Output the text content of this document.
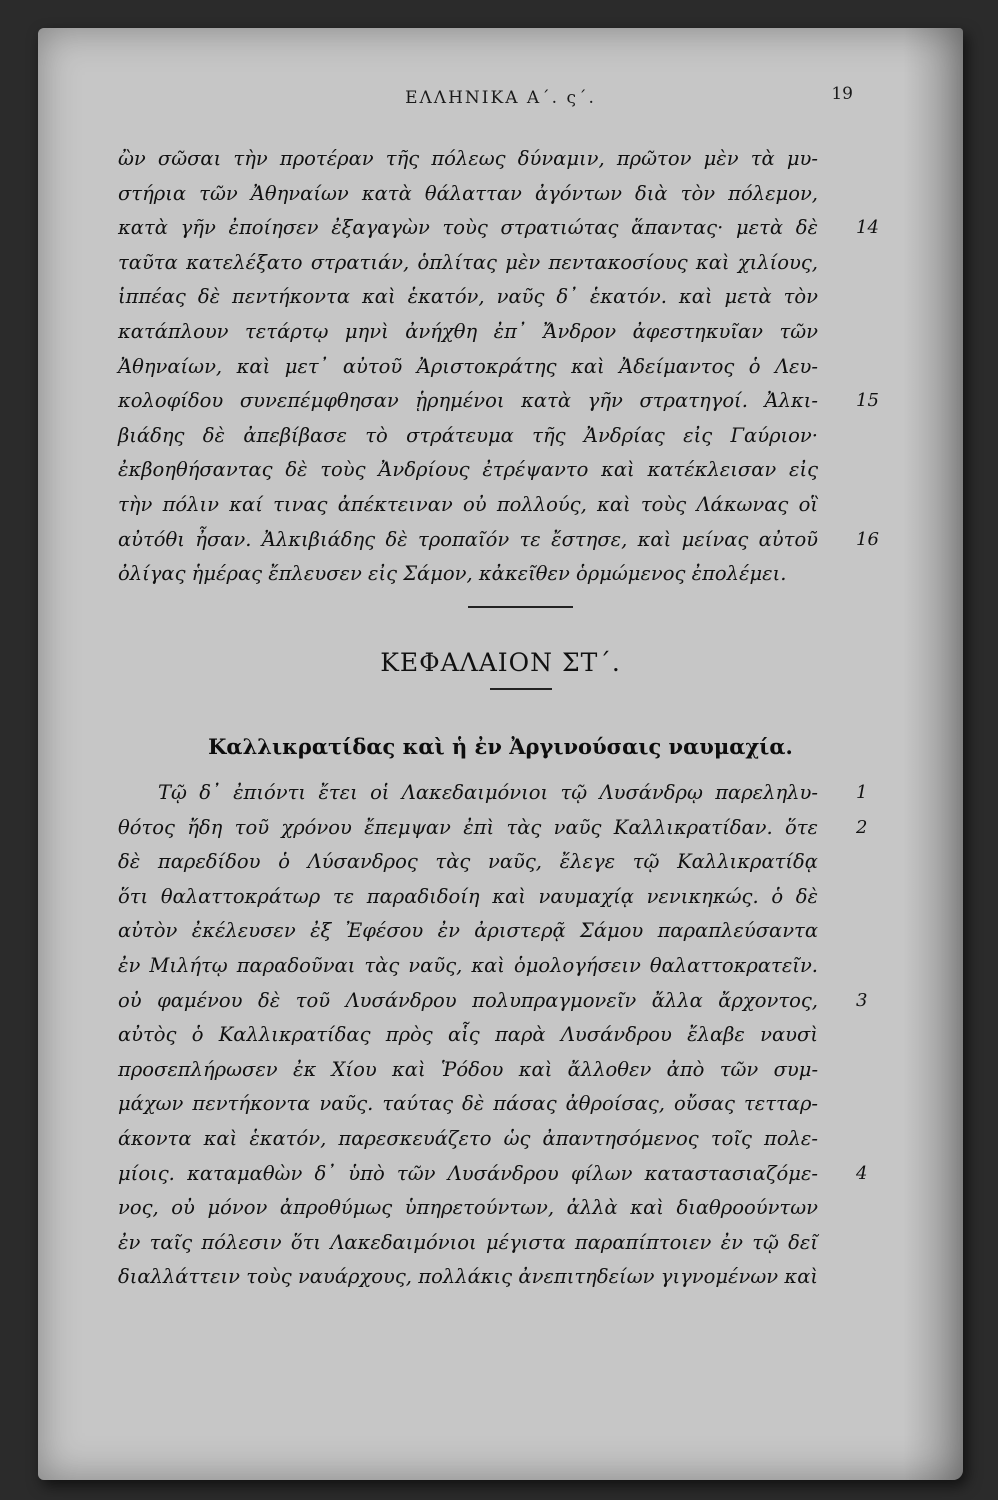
ΕΛΛΗΝΙΚΑ Α΄. ς΄.	19
ὢν σῶσαι τὴν προτέραν τῆς πόλεως δύναμιν, πρῶτον μὲν τὰ μυ-
στήρια τῶν Ἀθηναίων κατὰ θάλατταν ἀγόντων διὰ τὸν πόλεμον,
κατὰ γῆν ἐποίησεν ἐξαγαγὼν τοὺς στρατιώτας ἅπαντας· μετὰ δὲ 14
ταῦτα κατελέξατο στρατιάν, ὁπλίτας μὲν πεντακοσίους καὶ χιλίους,
ἱππέας δὲ πεντήκοντα καὶ ἑκατόν, ναῦς δ᾽ ἑκατόν. καὶ μετὰ τὸν
κατάπλουν τετάρτῳ μηνὶ ἀνήχθη ἐπ᾽ Ἄνδρον ἀφεστηκυῖαν τῶν
Ἀθηναίων, καὶ μετ᾽ αὐτοῦ Ἀριστοκράτης καὶ Ἀδείμαντος ὁ Λευ-
κολοφίδου συνεπέμφθησαν ᾑρημένοι κατὰ γῆν στρατηγοί. Ἀλκι- 15
βιάδης δὲ ἀπεβίβασε τὸ στράτευμα τῆς Ἀνδρίας εἰς Γαύριον·
ἐκβοηθήσαντας δὲ τοὺς Ἀνδρίους ἐτρέψαντο καὶ κατέκλεισαν εἰς
τὴν πόλιν καί τινας ἀπέκτειναν οὐ πολλούς, καὶ τοὺς Λάκωνας οἳ
αὐτόθι ἦσαν. Ἀλκιβιάδης δὲ τροπαῖόν τε ἔστησε, καὶ μείνας αὐτοῦ 16
ὀλίγας ἡμέρας ἔπλευσεν εἰς Σάμον, κἀκεῖθεν ὁρμώμενος ἐπολέμει.
ΚΕΦΑΛΑΙΟΝ ΣΤ΄.
Καλλικρατίδας καὶ ἡ ἐν Ἀργινούσαις ναυμαχία.
Τῷ δ᾽ ἐπιόντι ἔτει οἱ Λακεδαιμόνιοι τῷ Λυσάνδρῳ παρεληλυ- 1
θότος ἤδη τοῦ χρόνου ἔπεμψαν ἐπὶ τὰς ναῦς Καλλικρατίδαν. ὅτε 2
δὲ παρεδίδου ὁ Λύσανδρος τὰς ναῦς, ἔλεγε τῷ Καλλικρατίδᾳ
ὅτι θαλαττοκράτωρ τε παραδιδοίη καὶ ναυμαχίᾳ νενικηκώς. ὁ δὲ
αὐτὸν ἐκέλευσεν ἐξ Ἐφέσου ἐν ἀριστερᾷ Σάμου παραπλεύσαντα
ἐν Μιλήτῳ παραδοῦναι τὰς ναῦς, καὶ ὁμολογήσειν θαλαττοκρατεῖν.
οὐ φαμένου δὲ τοῦ Λυσάνδρου πολυπραγμονεῖν ἄλλα ἄρχοντος, 3
αὐτὸς ὁ Καλλικρατίδας πρὸς αἷς παρὰ Λυσάνδρου ἔλαβε ναυσὶ
προσεπλήρωσεν ἐκ Χίου καὶ Ῥόδου καὶ ἄλλοθεν ἀπὸ τῶν συμ-
μάχων πεντήκοντα ναῦς. ταύτας δὲ πάσας ἀθροίσας, οὔσας τετταρ-
άκοντα καὶ ἑκατόν, παρεσκευάζετο ὡς ἀπαντησόμενος τοῖς πολε-
μίοις. καταμαθὼν δ᾽ ὑπὸ τῶν Λυσάνδρου φίλων καταστασιαζόμε- 4
νος, οὐ μόνον ἀπροθύμως ὑπηρετούντων, ἀλλὰ καὶ διαθροούντων
ἐν ταῖς πόλεσιν ὅτι Λακεδαιμόνιοι μέγιστα παραπίπτοιεν ἐν τῷ δεῖ
διαλλάττειν τοὺς ναυάρχους, πολλάκις ἀνεπιτηδείων γιγνομένων καὶ
